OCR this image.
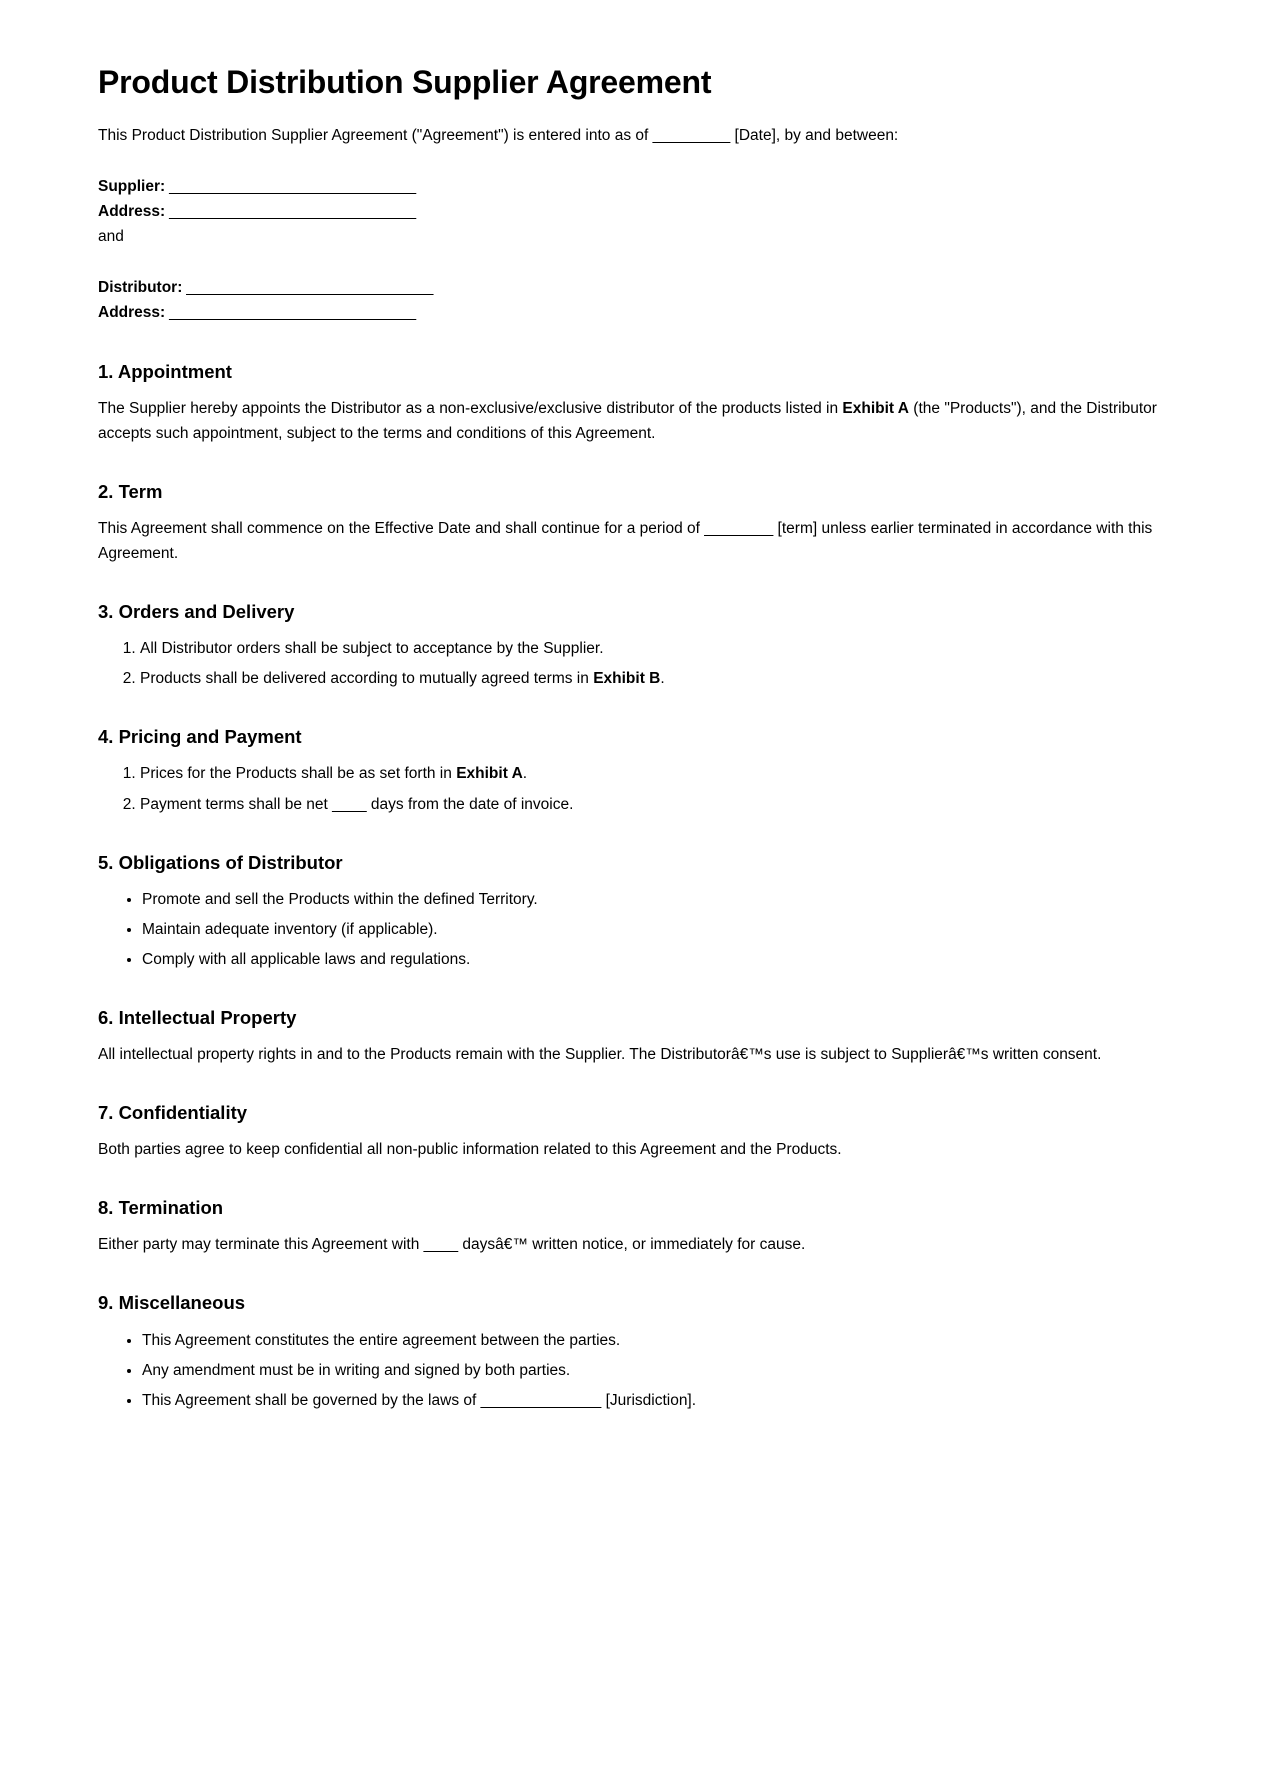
Product Distribution Supplier Agreement

This Product Distribution Supplier Agreement ("Agreement") is entered into as of _________ [Date], by and between:

Supplier: ______________________________

Address: ______________________________

and

Distributor: ______________________________

Address: ______________________________

1. Appointment

The Supplier hereby appoints the Distributor as a non-exclusive/exclusive distributor of the products listed in Exhibit A (the "Products"), and the Distributor accepts such appointment, subject to the terms and conditions of this Agreement.

2. Term

This Agreement shall commence on the Effective Date and shall continue for a period of ________ [term] unless earlier terminated in accordance with this Agreement.

3. Orders and Delivery
1. All Distributor orders shall be subject to acceptance by the Supplier.
2. Products shall be delivered according to mutually agreed terms in Exhibit B.
4. Pricing and Payment
1. Prices for the Products shall be as set forth in Exhibit A.
2. Payment terms shall be net ____ days from the date of invoice.
5. Obligations of Distributor
• Promote and sell the Products within the defined Territory.
• Maintain adequate inventory (if applicable).
• Comply with all applicable laws and regulations.
6. Intellectual Property

All intellectual property rights in and to the Products remain with the Supplier. The Distributorâ€™s use is subject to Supplierâ€™s written consent.

7. Confidentiality

Both parties agree to keep confidential all non-public information related to this Agreement and the Products.

8. Termination

Either party may terminate this Agreement with ____ daysâ€™ written notice, or immediately for cause.

9. Miscellaneous
• This Agreement constitutes the entire agreement between the parties.
• Any amendment must be in writing and signed by both parties.
• This Agreement shall be governed by the laws of ______________ [Jurisdiction].
